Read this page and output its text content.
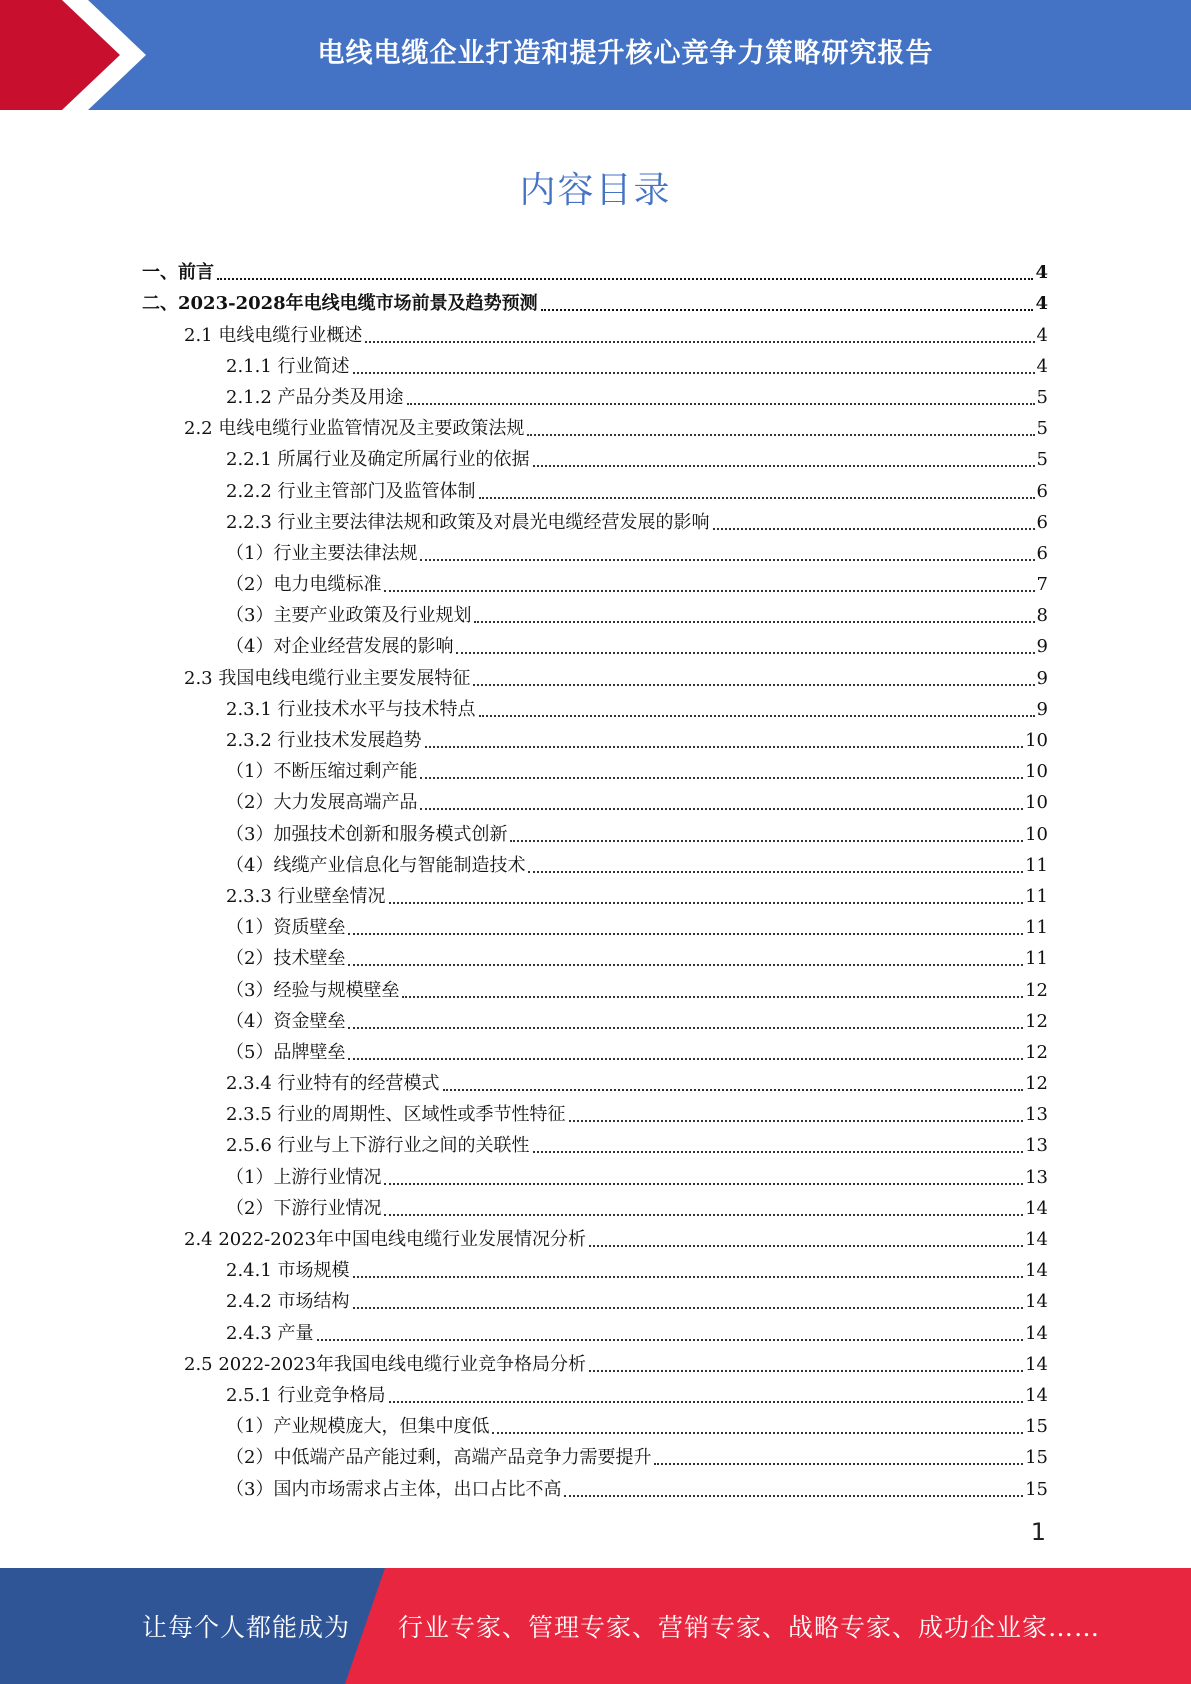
电线电缆企业打造和提升核心竞争力策略研究报告
内容目录
一、前言	4
二、2023-2028年电线电缆市场前景及趋势预测	4
2.1 电线电缆行业概述	4
2.1.1 行业简述	4
2.1.2 产品分类及用途	5
2.2 电线电缆行业监管情况及主要政策法规	5
2.2.1 所属行业及确定所属行业的依据	5
2.2.2 行业主管部门及监管体制	6
2.2.3 行业主要法律法规和政策及对晨光电缆经营发展的影响	6
（1）行业主要法律法规	6
（2）电力电缆标准	7
（3）主要产业政策及行业规划	8
（4）对企业经营发展的影响	9
2.3 我国电线电缆行业主要发展特征	9
2.3.1 行业技术水平与技术特点	9
2.3.2 行业技术发展趋势	10
（1）不断压缩过剩产能	10
（2）大力发展高端产品	10
（3）加强技术创新和服务模式创新	10
（4）线缆产业信息化与智能制造技术	11
2.3.3 行业壁垒情况	11
（1）资质壁垒	11
（2）技术壁垒	11
（3）经验与规模壁垒	12
（4）资金壁垒	12
（5）品牌壁垒	12
2.3.4 行业特有的经营模式	12
2.3.5 行业的周期性、区域性或季节性特征	13
2.5.6 行业与上下游行业之间的关联性	13
（1）上游行业情况	13
（2）下游行业情况	14
2.4 2022-2023年中国电线电缆行业发展情况分析	14
2.4.1 市场规模	14
2.4.2 市场结构	14
2.4.3 产量	14
2.5 2022-2023年我国电线电缆行业竞争格局分析	14
2.5.1 行业竞争格局	14
（1）产业规模庞大，但集中度低	15
（2）中低端产品产能过剩，高端产品竞争力需要提升	15
（3）国内市场需求占主体，出口占比不高	15
1
让每个人都能成为 行业专家、管理专家、营销专家、战略专家、成功企业家……
